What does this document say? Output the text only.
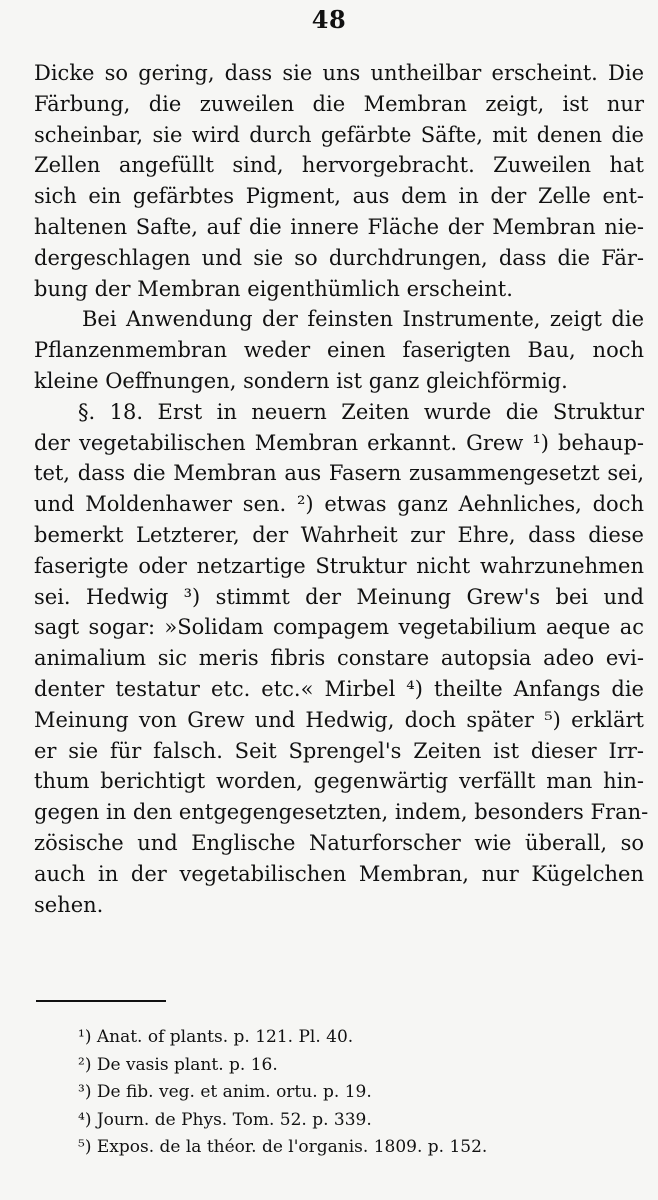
48
Dicke so gering, dass sie uns untheilbar erscheint. Die
Färbung, die zuweilen die Membran zeigt, ist nur
scheinbar, sie wird durch gefärbte Säfte, mit denen die
Zellen angefüllt sind, hervorgebracht. Zuweilen hat
sich ein gefärbtes Pigment, aus dem in der Zelle ent-
haltenen Safte, auf die innere Fläche der Membran nie-
dergeschlagen und sie so durchdrungen, dass die Fär-
bung der Membran eigenthümlich erscheint.
Bei Anwendung der feinsten Instrumente, zeigt die
Pflanzenmembran weder einen faserigten Bau, noch
kleine Oeffnungen, sondern ist ganz gleichförmig.
§. 18. Erst in neuern Zeiten wurde die Struktur
der vegetabilischen Membran erkannt. Grew ¹) behaup-
tet, dass die Membran aus Fasern zusammengesetzt sei,
und Moldenhawer sen. ²) etwas ganz Aehnliches, doch
bemerkt Letzterer, der Wahrheit zur Ehre, dass diese
faserigte oder netzartige Struktur nicht wahrzunehmen
sei. Hedwig ³) stimmt der Meinung Grew's bei und
sagt sogar: »Solidam compagem vegetabilium aeque ac
animalium sic meris fibris constare autopsia adeo evi-
denter testatur etc. etc.« Mirbel ⁴) theilte Anfangs die
Meinung von Grew und Hedwig, doch später ⁵) erklärt
er sie für falsch. Seit Sprengel's Zeiten ist dieser Irr-
thum berichtigt worden, gegenwärtig verfällt man hin-
gegen in den entgegengesetzten, indem, besonders Fran-
zösische und Englische Naturforscher wie überall, so
auch in der vegetabilischen Membran, nur Kügelchen
sehen.
¹) Anat. of plants. p. 121. Pl. 40.
²) De vasis plant. p. 16.
³) De fib. veg. et anim. ortu. p. 19.
⁴) Journ. de Phys. Tom. 52. p. 339.
⁵) Expos. de la théor. de l'organis. 1809. p. 152.
